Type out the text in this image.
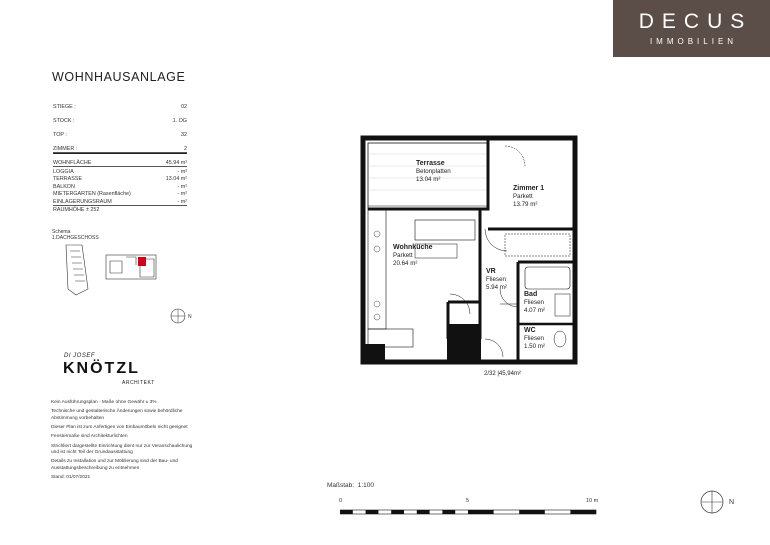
DECUS
IMMOBILIEN
WOHNHAUSANLAGE
STIEGE :	02
STOCK :	1. OG
TOP :	32
ZIMMER :	2
WOHNFLÄCHE	45.94 m²
LOGGIA	- m²
TERRASSE	13.04 m²
BALKON	- m²
MIETERGARTEN (Rasenfläche)	- m²
EINLAGERUNGSRAUM	- m²
RAUMHÖHE ± 252
Schema
1.DACHGESCHOSS
N
DI JOSEF
KNÖTZL
ARCHITEKT

Kein Ausführungsplan - Maße ohne Gewähr ± 3%

Technische und gestalterische Änderungen sowie behördliche Abstimmung vorbehalten

Dieser Plan ist zum Anfertigen von Einbaumöbeln nicht geeignet

Fenstermaße sind Architekturlichten

Strichliert dargestellte Einrichtung dient nur zur Veranschaulichung und ist nicht Teil der Grundausstattung

Details zu Installation und zur Möblierung sind der Bau- und Ausstattungsbeschreibung zu entnehmen

Stand: 01/07/2021

Terrasse
Betonplatten
13.04 m²
Zimmer 1
Parkett
13.79 m²
Wohnküche
Parkett
20.64 m²
VR
Fliesen
5.94 m²
Bad
Fliesen
4.07 m²
WC
Fliesen
1.50 m²
2/32 |45,94m²
Maßstab: 1:100
0	5	10 m	N
